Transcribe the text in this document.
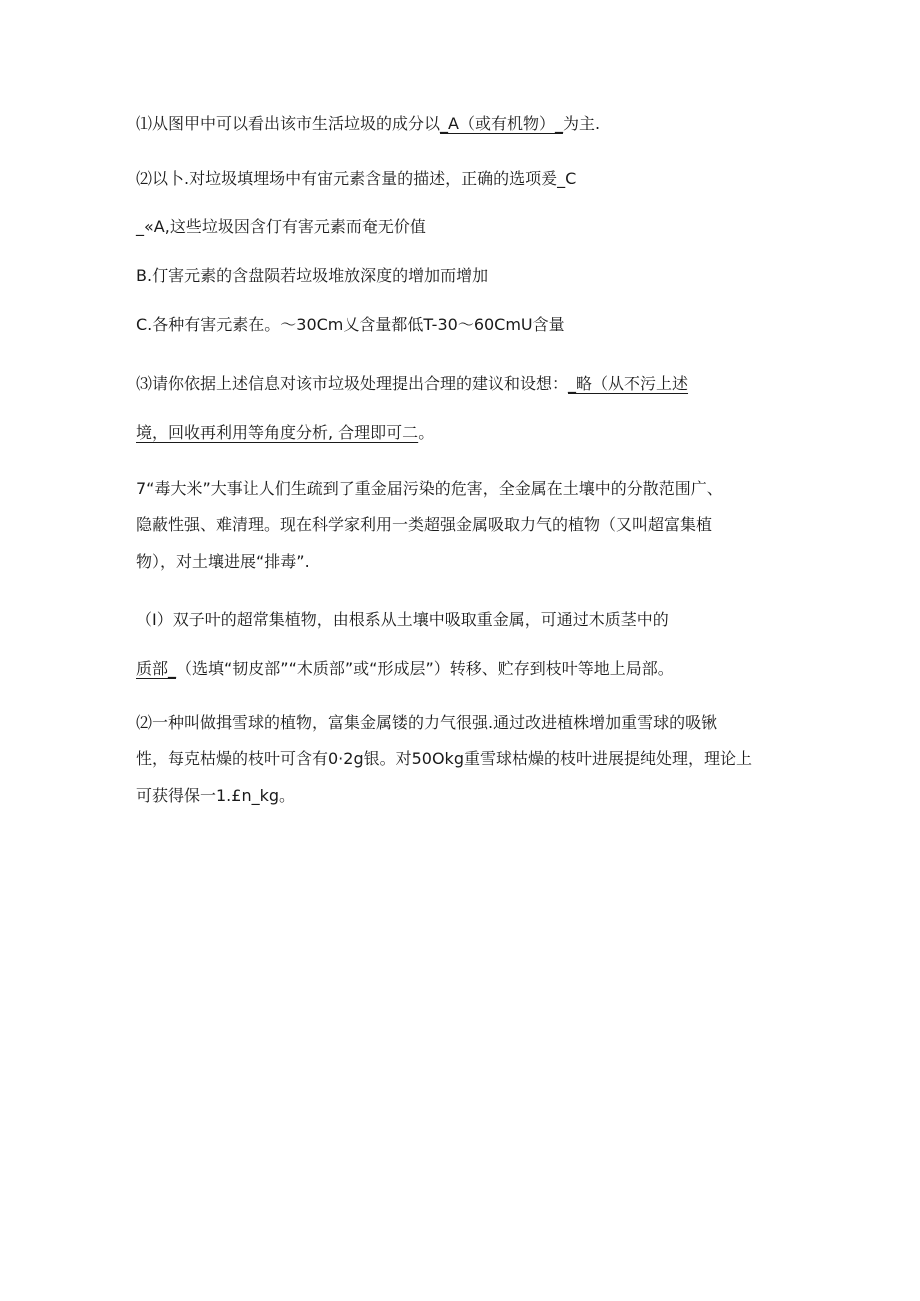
⑴从图甲中可以看出该市生活垃圾的成分以_A（或有机物）_为主.
⑵以卜.对垃圾填埋场中有宙元素含量的描述，正确的选项爰_C
_«A,这些垃圾因含仃有害元素而奄无价值
B.仃害元素的含盘陨若垃圾堆放深度的增加而增加
C.各种有害元素在。～30Cm乂含量都低T-30～60CmU含量
⑶请你依据上述信息对该市垃圾处理提出合理的建议和设想：_略（从不污上述
境，回收再利用等角度分析, 合理即可二。
7“毒大米”大事让人们生疏到了重金届污染的危害，全金属在土壤中的分散范围广、
隐蔽性强、难清理。现在科学家利用一类超强金属吸取力气的植物（又叫超富集植
物），对土壤进展“排毒”.
（I）双子叶的超常集植物，由根系从土壤中吸取重金属，可通过木质茎中的
质部_（选填“韧皮部”“木质部”或“形成层”）转移、贮存到枝叶等地上局部。
⑵一种叫做揖雪球的植物，富集金属镂的力气很强.通过改进植株增加重雪球的吸锹
性，每克枯燥的枝叶可含有0·2g银。对50Okg重雪球枯燥的枝叶进展提纯处理，理论上
可获得保一1.£n_kg。
